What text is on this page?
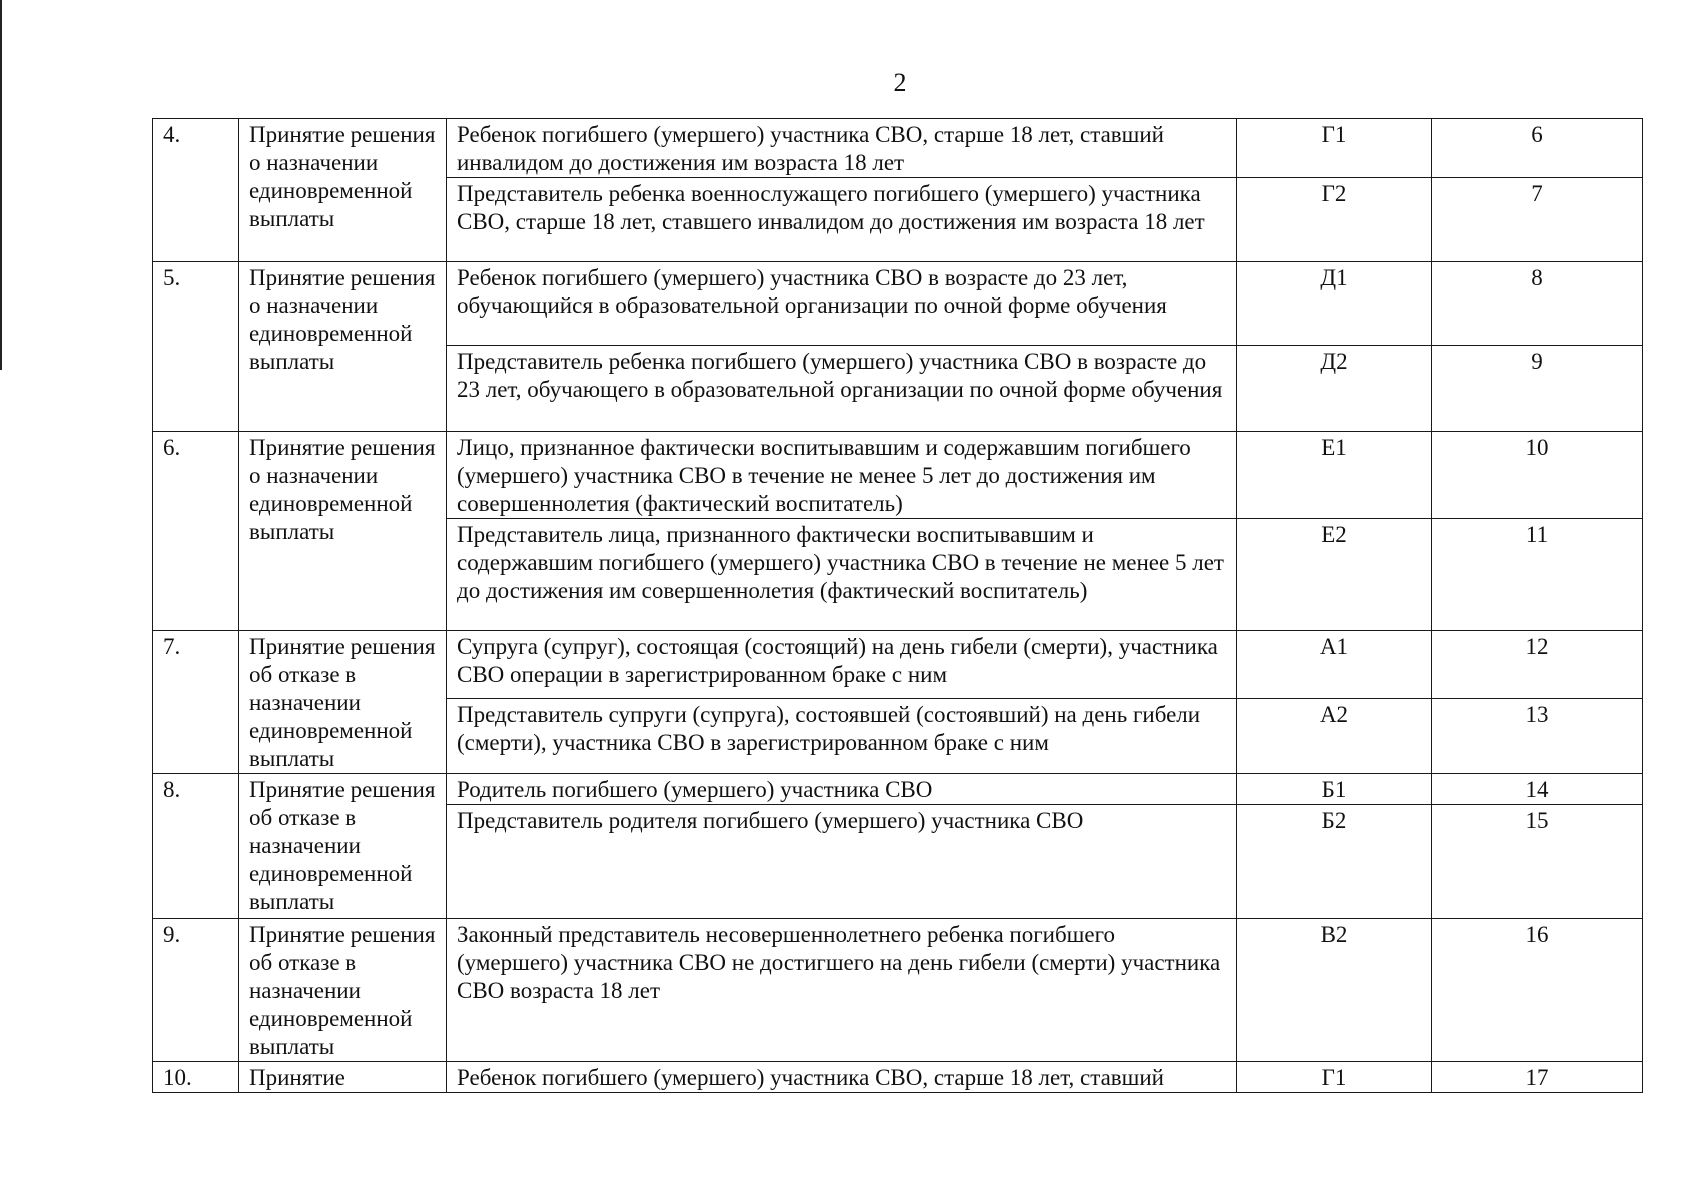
2
4.	Принятие решения о назначении единовременной выплаты	Ребенок погибшего (умершего) участника СВО, старше 18 лет, ставший инвалидом до достижения им возраста 18 лет	Г1	6
		Представитель ребенка военнослужащего погибшего (умершего) участника СВО, старше 18 лет, ставшего инвалидом до достижения им возраста 18 лет	Г2	7
5.	Принятие решения о назначении единовременной выплаты	Ребенок погибшего (умершего) участника СВО в возрасте до 23 лет, обучающийся в образовательной организации по очной форме обучения	Д1	8
		Представитель ребенка погибшего (умершего) участника СВО в возрасте до 23 лет, обучающего в образовательной организации по очной форме обучения	Д2	9
6.	Принятие решения о назначении единовременной выплаты	Лицо, признанное фактически воспитывавшим и содержавшим погибшего (умершего) участника СВО в течение не менее 5 лет до достижения им совершеннолетия (фактический воспитатель)	Е1	10
		Представитель лица, признанного фактически воспитывавшим и содержавшим погибшего (умершего) участника СВО в течение не менее 5 лет до достижения им совершеннолетия (фактический воспитатель)	Е2	11
7.	Принятие решения об отказе в назначении единовременной выплаты	Супруга (супруг), состоящая (состоящий) на день гибели (смерти), участника СВО операции в зарегистрированном браке с ним	А1	12
		Представитель супруги (супруга), состоявшей (состоявший) на день гибели (смерти), участника СВО в зарегистрированном браке с ним	А2	13
8.	Принятие решения об отказе в назначении единовременной выплаты	Родитель погибшего (умершего) участника СВО	Б1	14
		Представитель родителя погибшего (умершего) участника СВО	Б2	15
9.	Принятие решения об отказе в назначении единовременной выплаты	Законный представитель несовершеннолетнего ребенка погибшего (умершего) участника СВО не достигшего на день гибели (смерти) участника СВО возраста 18 лет	В2	16
10.	Принятие	Ребенок погибшего (умершего) участника СВО, старше 18 лет, ставший	Г1	17
